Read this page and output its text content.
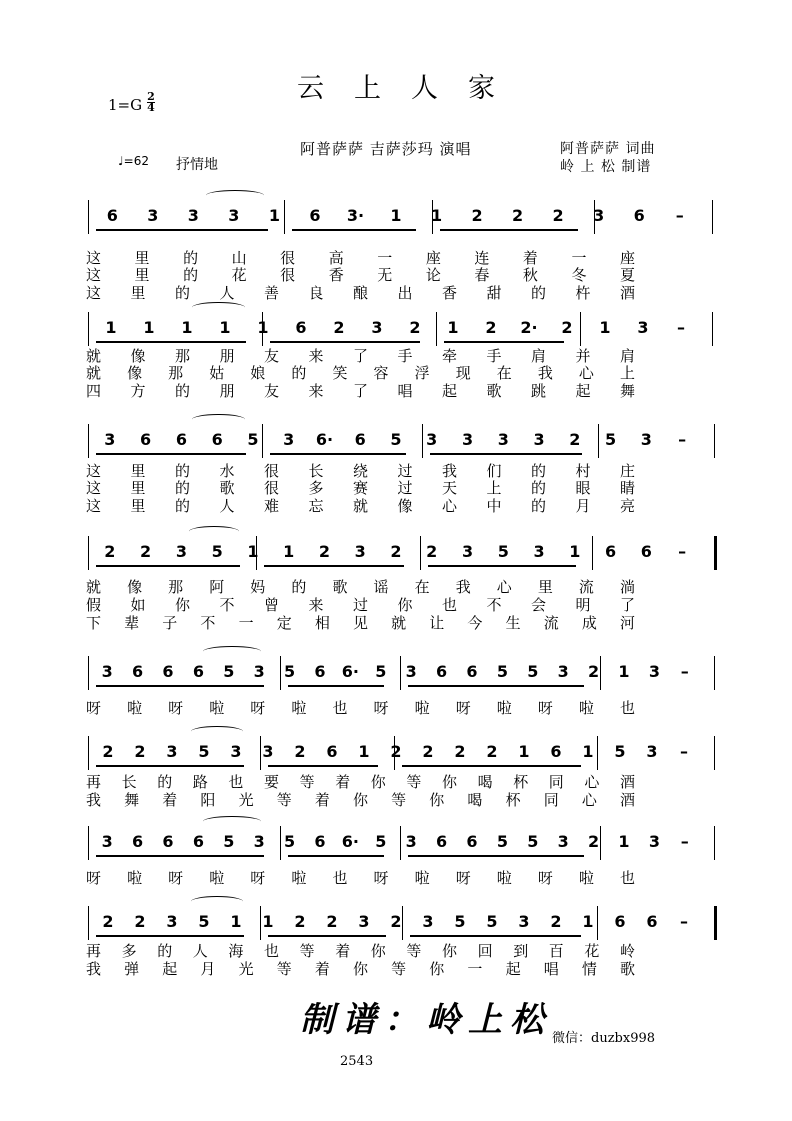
云上人家
1=G 2
4
阿普萨萨 吉萨莎玛 演唱	阿普萨萨 词曲
岭 上 松 制谱
♩=62 抒情地
6	3	3	3	1	6	3·	1	1	2	2	2	3	6	–
这 里 的 山 很 高 一 座 连 着 一 座
这 里 的 花 很 香 无 论 春 秋 冬 夏
这 里 的 人 善 良 酿 出 香 甜 的 杵 酒
1	1	1	1	1	6	2	3	2	1	2	2·	2	1	3	–
就 像 那 朋 友 来 了 手 牵 手 肩 并 肩
就 像 那 姑 娘 的 笑 容 浮 现 在 我 心 上
四 方 的 朋 友 来 了 唱 起 歌 跳 起 舞
3	6	6	6	5	3	6·	6	5	3	3	3	3	2	5	3	–
这 里 的 水 很 长 绕 过 我 们 的 村 庄
这 里 的 歌 很 多 赛 过 天 上 的 眼 睛
这 里 的 人 难 忘 就 像 心 中 的 月 亮
2	2	3	5	1	1	2	3	2	2	3	5	3	1	6	6	–
就 像 那 阿 妈 的 歌 谣 在 我 心 里 流 淌
假 如 你 不 曾 来 过 你 也 不 会 明 了
下 辈 子 不 一 定 相 见 就 让 今 生 流 成 河
3	6	6	6	5	3	5	6	6·	5	3	6	6	5	5	3	2	1	3	–
呀 啦 呀 啦 呀 啦 也 呀 啦 呀 啦 呀 啦 也
2	2	3	5	3	3	2	6	1	2	2	2	2	1	6	1	5	3	–
再 长 的 路 也 要 等 着 你 等 你 喝 杯 同 心 酒
我 舞 着 阳 光 等 着 你 等 你 喝 杯 同 心 酒
3	6	6	6	5	3	5	6	6·	5	3	6	6	5	5	3	2	1	3	–
呀 啦 呀 啦 呀 啦 也 呀 啦 呀 啦 呀 啦 也
2	2	3	5	1	1	2	2	3	2	3	5	5	3	2	1	6	6	–
再 多 的 人 海 也 等 着 你 等 你 回 到 百 花 岭
我 弹 起 月 光 等 着 你 等 你 一 起 唱 情 歌
制谱：岭上松 微信：duzbx998
2543
